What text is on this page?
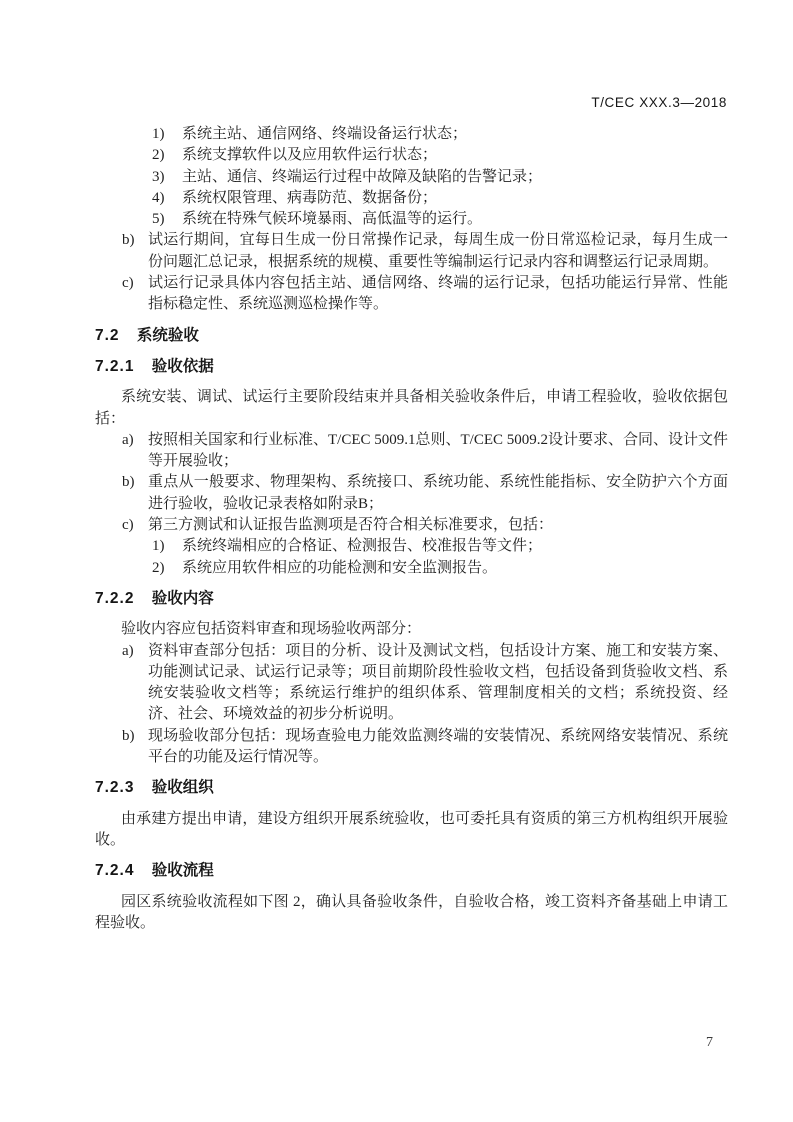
T/CEC XXX.3—2018
1) 系统主站、通信网络、终端设备运行状态；
2) 系统支撑软件以及应用软件运行状态；
3) 主站、通信、终端运行过程中故障及缺陷的告警记录；
4) 系统权限管理、病毒防范、数据备份；
5) 系统在特殊气候环境暴雨、高低温等的运行。
b) 试运行期间，宜每日生成一份日常操作记录，每周生成一份日常巡检记录，每月生成一份问题汇总记录，根据系统的规模、重要性等编制运行记录内容和调整运行记录周期。
c) 试运行记录具体内容包括主站、通信网络、终端的运行记录，包括功能运行异常、性能指标稳定性、系统巡测巡检操作等。
7.2 系统验收
7.2.1 验收依据

系统安装、调试、试运行主要阶段结束并具备相关验收条件后，申请工程验收，验收依据包括：

a) 按照相关国家和行业标准、T/CEC 5009.1总则、T/CEC 5009.2设计要求、合同、设计文件等开展验收；
b) 重点从一般要求、物理架构、系统接口、系统功能、系统性能指标、安全防护六个方面进行验收，验收记录表格如附录B；
c) 第三方测试和认证报告监测项是否符合相关标准要求，包括：
1) 系统终端相应的合格证、检测报告、校准报告等文件；
2) 系统应用软件相应的功能检测和安全监测报告。
7.2.2 验收内容

验收内容应包括资料审查和现场验收两部分：

a) 资料审查部分包括：项目的分析、设计及测试文档，包括设计方案、施工和安装方案、功能测试记录、试运行记录等；项目前期阶段性验收文档，包括设备到货验收文档、系统安装验收文档等；系统运行维护的组织体系、管理制度相关的文档；系统投资、经济、社会、环境效益的初步分析说明。
b) 现场验收部分包括：现场查验电力能效监测终端的安装情况、系统网络安装情况、系统平台的功能及运行情况等。
7.2.3 验收组织

由承建方提出申请，建设方组织开展系统验收，也可委托具有资质的第三方机构组织开展验收。

7.2.4 验收流程

园区系统验收流程如下图 2，确认具备验收条件，自验收合格，竣工资料齐备基础上申请工程验收。

7
